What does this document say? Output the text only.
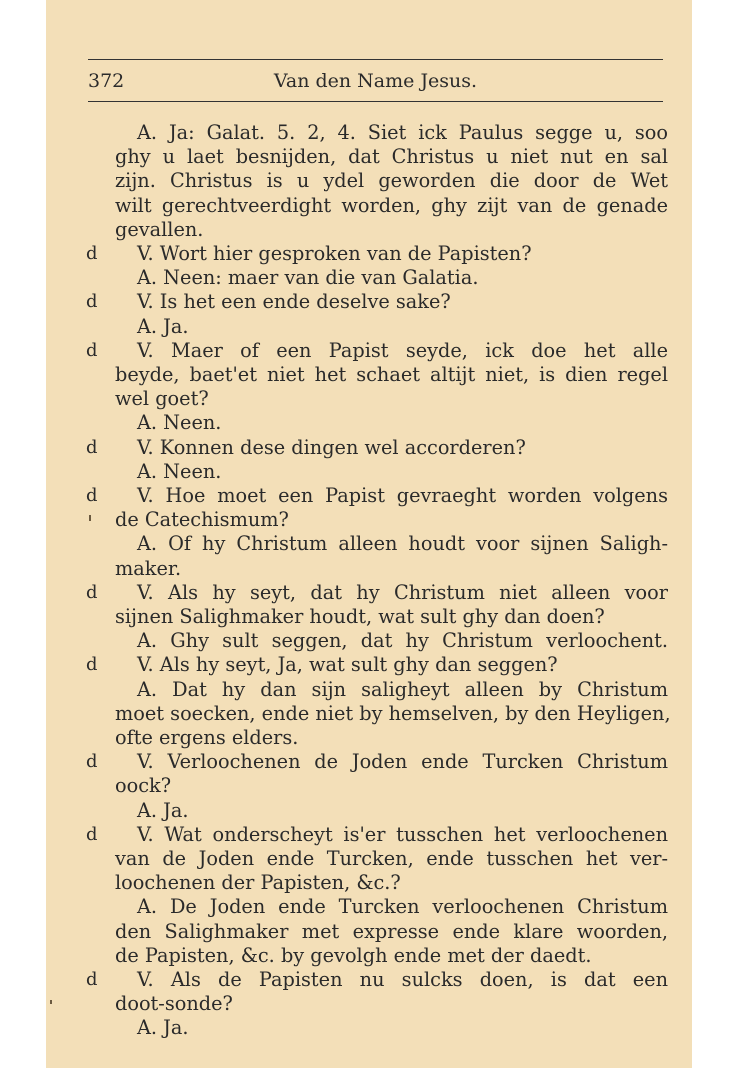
372	Van den Name Jesus.
A. Ja: Galat. 5. 2, 4. Siet ick Paulus segge u, soo
ghy u laet besnijden, dat Christus u niet nut en sal
zijn. Christus is u ydel geworden die door de Wet
wilt gerechtveerdight worden, ghy zijt van de genade
gevallen.
V. Wort hier gesproken van de Papisten?
d
A. Neen: maer van die van Galatia.
V. Is het een ende deselve sake?
d
A. Ja.
V. Maer of een Papist seyde, ick doe het alle
d
beyde, baet'et niet het schaet altijt niet, is dien regel
wel goet?
A. Neen.
V. Konnen dese dingen wel accorderen?
d
A. Neen.
V. Hoe moet een Papist gevraeght worden volgens
d
de Catechismum?
A. Of hy Christum alleen houdt voor sijnen Saligh-
maker.
V. Als hy seyt, dat hy Christum niet alleen voor
d
sijnen Salighmaker houdt, wat sult ghy dan doen?
A. Ghy sult seggen, dat hy Christum verloochent.
V. Als hy seyt, Ja, wat sult ghy dan seggen?
d
A. Dat hy dan sijn saligheyt alleen by Christum
moet soecken, ende niet by hemselven, by den Heyligen,
ofte ergens elders.
V. Verloochenen de Joden ende Turcken Christum
d
oock?
A. Ja.
V. Wat onderscheyt is'er tusschen het verloochenen
d
van de Joden ende Turcken, ende tusschen het ver-
loochenen der Papisten, &c.?
A. De Joden ende Turcken verloochenen Christum
den Salighmaker met expresse ende klare woorden,
de Papisten, &c. by gevolgh ende met der daedt.
V. Als de Papisten nu sulcks doen, is dat een
d
doot-sonde?
A. Ja.
